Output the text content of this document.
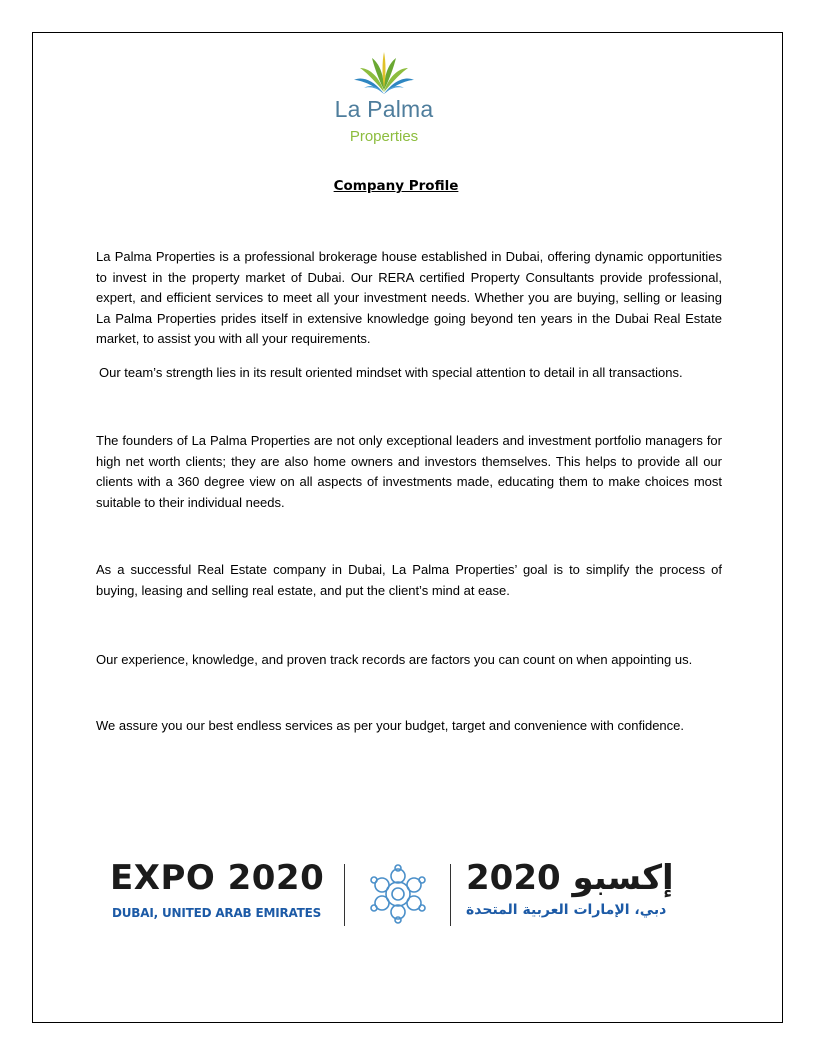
La Palma
Properties
Company Profile

La Palma Properties is a professional brokerage house established in Dubai, offering dynamic opportunities to invest in the property market of Dubai. Our RERA certified Property Consultants provide professional, expert, and efficient services to meet all your investment needs. Whether you are buying, selling or leasing La Palma Properties prides itself in extensive knowledge going beyond ten years in the Dubai Real Estate market, to assist you with all your requirements.

Our team’s strength lies in its result oriented mindset with special attention to detail in all transactions.

The founders of La Palma Properties are not only exceptional leaders and investment portfolio managers for high net worth clients; they are also home owners and investors themselves. This helps to provide all our clients with a 360 degree view on all aspects of investments made, educating them to make choices most suitable to their individual needs.

As a successful Real Estate company in Dubai, La Palma Properties’ goal is to simplify the process of buying, leasing and selling real estate, and put the client’s mind at ease.

Our experience, knowledge, and proven track records are factors you can count on when appointing us.

We assure you our best endless services as per your budget, target and convenience with confidence.

EXPO 2020
DUBAI, UNITED ARAB EMIRATES
2020 إكسبو
دبي، الإمارات العربية المتحدة
